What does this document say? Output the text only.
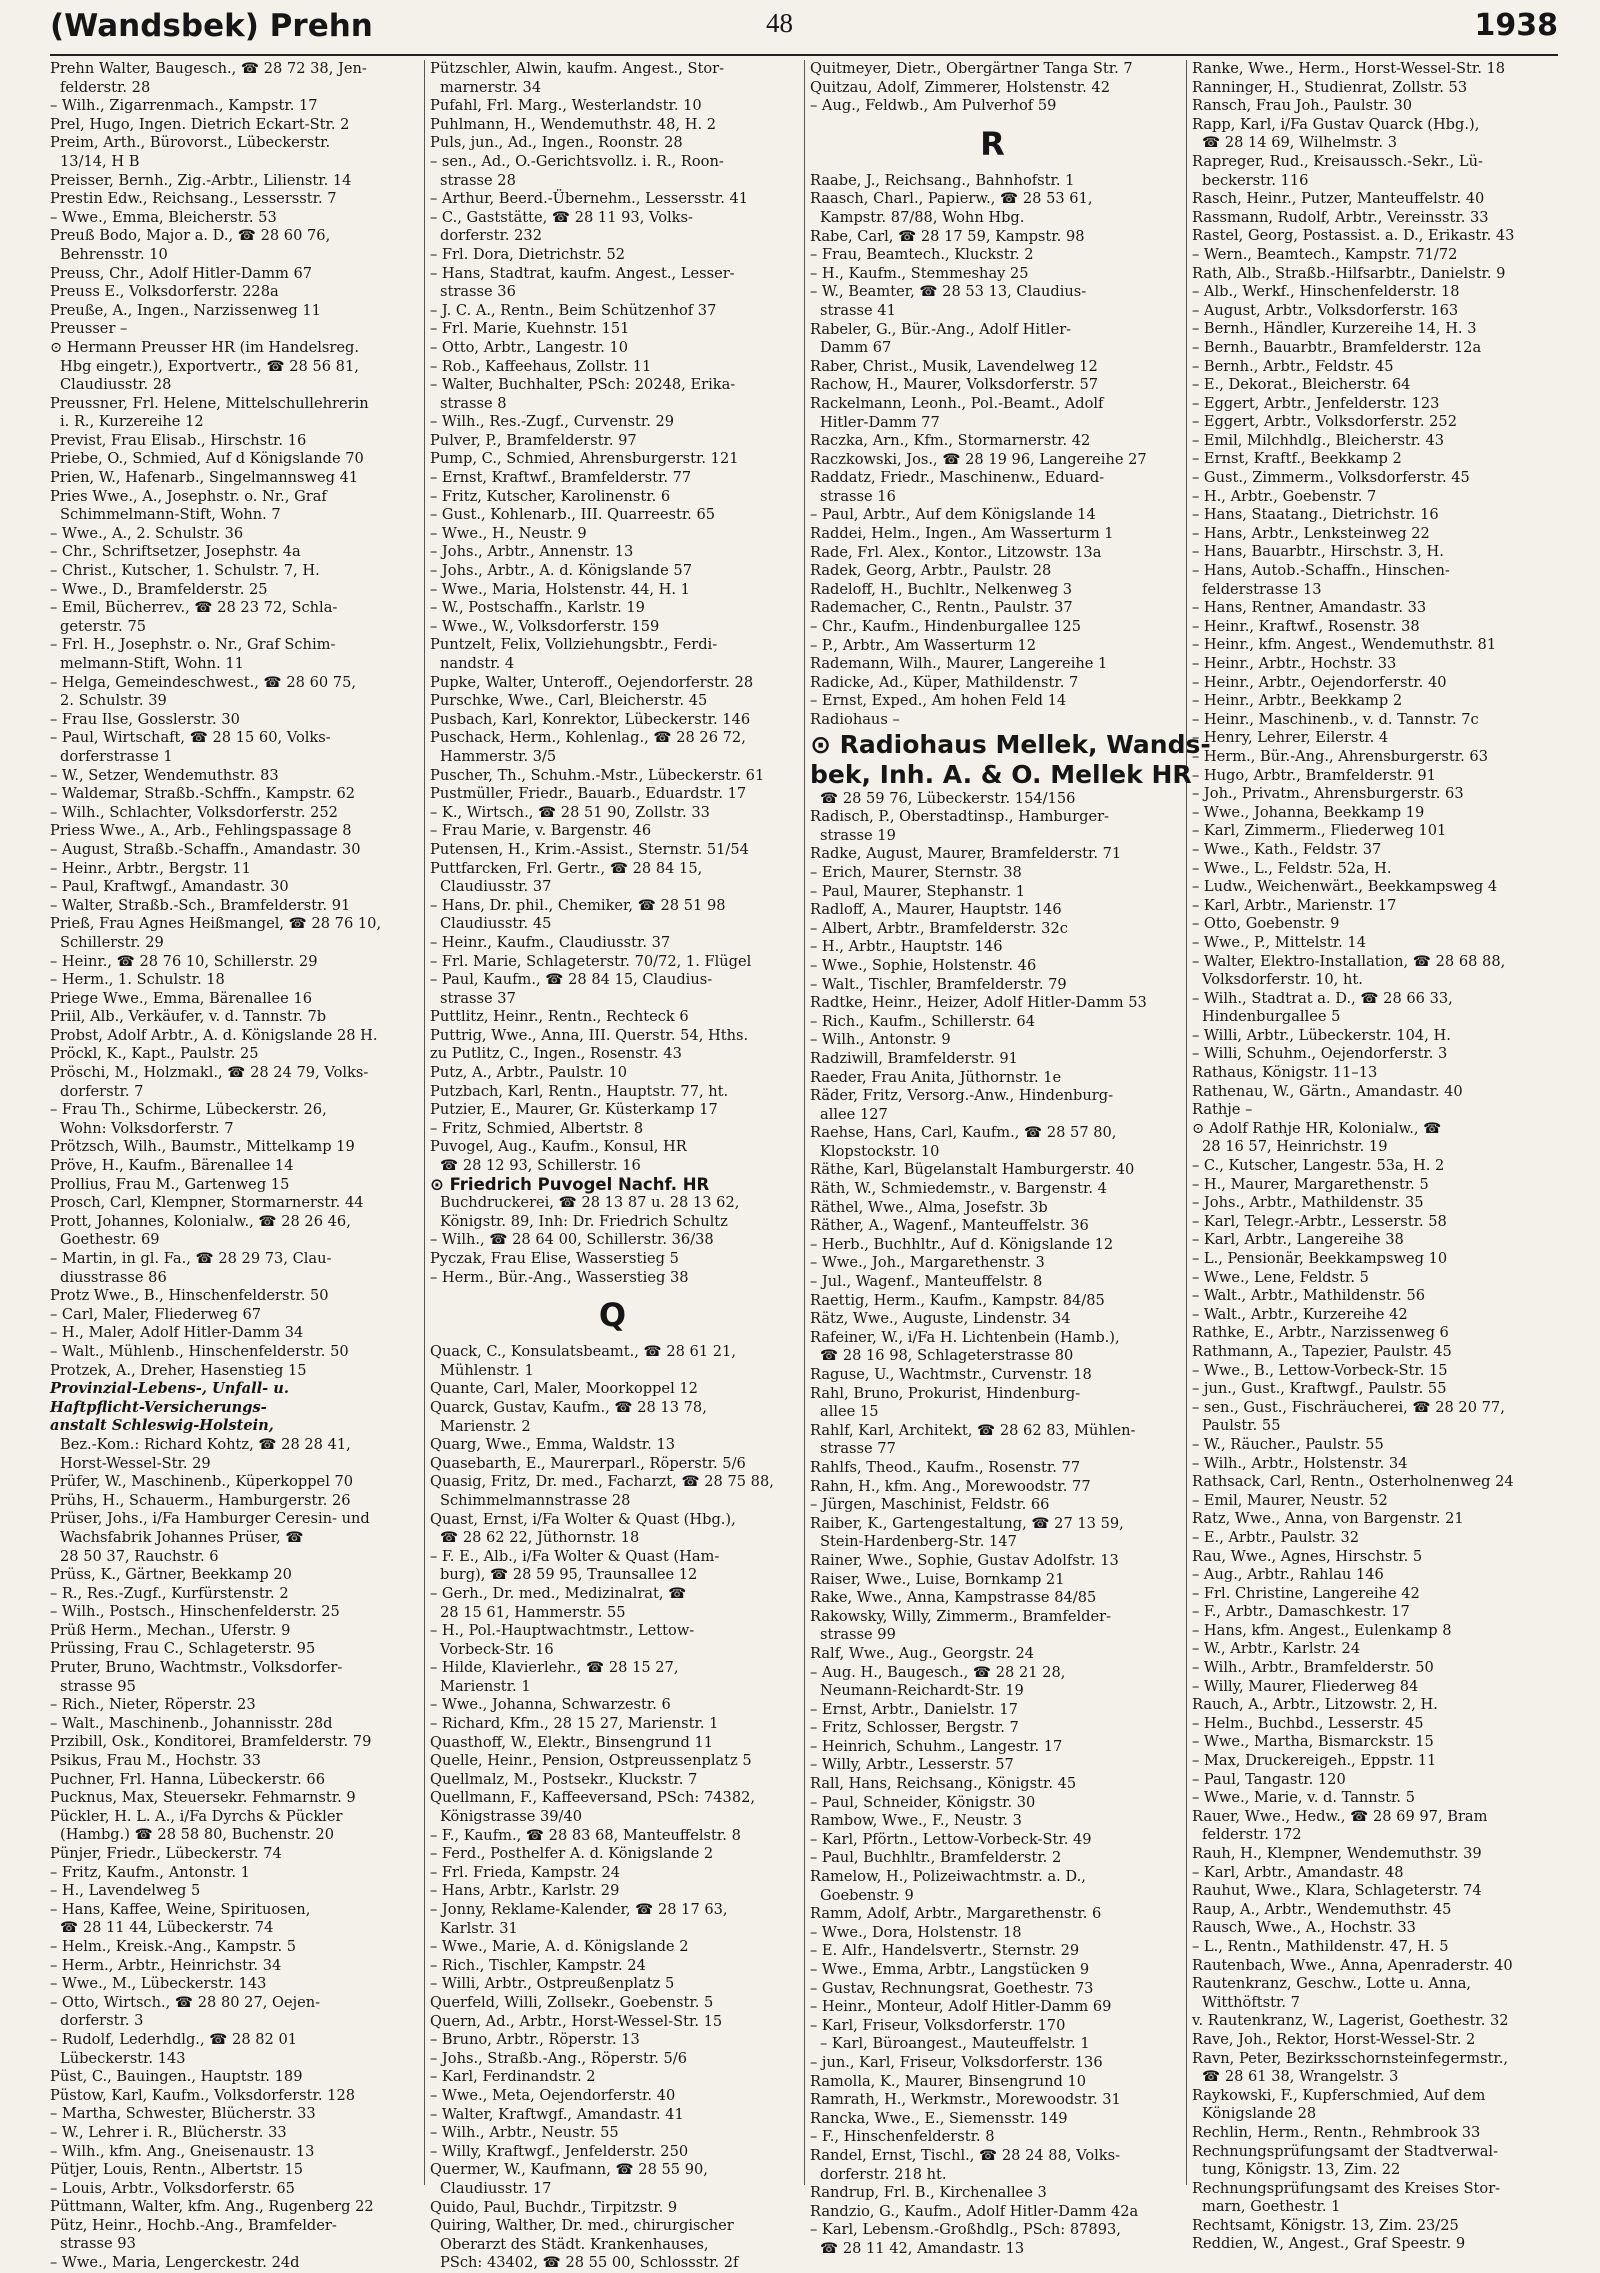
(Wandsbek) Prehn	48	1938
Prehn Walter, Baugesch., ☎ 28 72 38, Jen-
felderstr. 28
– Wilh., Zigarrenmach., Kampstr. 17
Prel, Hugo, Ingen. Dietrich Eckart-Str. 2
Preim, Arth., Bürovorst., Lübeckerstr.
13/14, H B
Preisser, Bernh., Zig.-Arbtr., Lilienstr. 14
Prestin Edw., Reichsang., Lessersstr. 7
– Wwe., Emma, Bleicherstr. 53
Preuß Bodo, Major a. D., ☎ 28 60 76,
Behrensstr. 10
Preuss, Chr., Adolf Hitler-Damm 67
Preuss E., Volksdorferstr. 228a
Preuße, A., Ingen., Narzissenweg 11
Preusser –
⊙ Hermann Preusser HR (im Handelsreg.
Hbg eingetr.), Exportvertr., ☎ 28 56 81,
Claudiusstr. 28
Preussner, Frl. Helene, Mittelschullehrerin
i. R., Kurzereihe 12
Previst, Frau Elisab., Hirschstr. 16
Priebe, O., Schmied, Auf d Königslande 70
Prien, W., Hafenarb., Singelmannsweg 41
Pries Wwe., A., Josephstr. o. Nr., Graf
Schimmelmann-Stift, Wohn. 7
– Wwe., A., 2. Schulstr. 36
– Chr., Schriftsetzer, Josephstr. 4a
– Christ., Kutscher, 1. Schulstr. 7, H.
– Wwe., D., Bramfelderstr. 25
– Emil, Bücherrev., ☎ 28 23 72, Schla-
geterstr. 75
– Frl. H., Josephstr. o. Nr., Graf Schim-
melmann-Stift, Wohn. 11
– Helga, Gemeindeschwest., ☎ 28 60 75,
2. Schulstr. 39
– Frau Ilse, Gosslerstr. 30
– Paul, Wirtschaft, ☎ 28 15 60, Volks-
dorferstrasse 1
– W., Setzer, Wendemuthstr. 83
– Waldemar, Straßb.-Schffn., Kampstr. 62
– Wilh., Schlachter, Volksdorferstr. 252
Priess Wwe., A., Arb., Fehlingspassage 8
– August, Straßb.-Schaffn., Amandastr. 30
– Heinr., Arbtr., Bergstr. 11
– Paul, Kraftwgf., Amandastr. 30
– Walter, Straßb.-Sch., Bramfelderstr. 91
Prieß, Frau Agnes Heißmangel, ☎ 28 76 10,
Schillerstr. 29
– Heinr., ☎ 28 76 10, Schillerstr. 29
– Herm., 1. Schulstr. 18
Priege Wwe., Emma, Bärenallee 16
Priil, Alb., Verkäufer, v. d. Tannstr. 7b
Probst, Adolf Arbtr., A. d. Königslande 28 H.
Pröckl, K., Kapt., Paulstr. 25
Pröschi, M., Holzmakl., ☎ 28 24 79, Volks-
dorferstr. 7
– Frau Th., Schirme, Lübeckerstr. 26,
Wohn: Volksdorferstr. 7
Prötzsch, Wilh., Baumstr., Mittelkamp 19
Pröve, H., Kaufm., Bärenallee 14
Prollius, Frau M., Gartenweg 15
Prosch, Carl, Klempner, Stormarnerstr. 44
Prott, Johannes, Kolonialw., ☎ 28 26 46,
Goethestr. 69
– Martin, in gl. Fa., ☎ 28 29 73, Clau-
diusstrasse 86
Protz Wwe., B., Hinschenfelderstr. 50
– Carl, Maler, Fliederweg 67
– H., Maler, Adolf Hitler-Damm 34
– Walt., Mühlenb., Hinschenfelderstr. 50
Protzek, A., Dreher, Hasenstieg 15
Provinzial-Lebens-, Unfall- u.
Haftpflicht-Versicherungs-
anstalt Schleswig-Holstein,
Bez.-Kom.: Richard Kohtz, ☎ 28 28 41,
Horst-Wessel-Str. 29
Prüfer, W., Maschinenb., Küperkoppel 70
Prühs, H., Schauerm., Hamburgerstr. 26
Prüser, Johs., i/Fa Hamburger Ceresin- und
Wachsfabrik Johannes Prüser, ☎
28 50 37, Rauchstr. 6
Prüss, K., Gärtner, Beekkamp 20
– R., Res.-Zugf., Kurfürstenstr. 2
– Wilh., Postsch., Hinschenfelderstr. 25
Prüß Herm., Mechan., Uferstr. 9
Prüssing, Frau C., Schlageterstr. 95
Pruter, Bruno, Wachtmstr., Volksdorfer-
strasse 95
– Rich., Nieter, Röperstr. 23
– Walt., Maschinenb., Johannisstr. 28d
Przibill, Osk., Konditorei, Bramfelderstr. 79
Psikus, Frau M., Hochstr. 33
Puchner, Frl. Hanna, Lübeckerstr. 66
Pucknus, Max, Steuersekr. Fehmarnstr. 9
Pückler, H. L. A., i/Fa Dyrchs & Pückler
(Hambg.) ☎ 28 58 80, Buchenstr. 20
Pünjer, Friedr., Lübeckerstr. 74
– Fritz, Kaufm., Antonstr. 1
– H., Lavendelweg 5
– Hans, Kaffee, Weine, Spirituosen,
☎ 28 11 44, Lübeckerstr. 74
– Helm., Kreisk.-Ang., Kampstr. 5
– Herm., Arbtr., Heinrichstr. 34
– Wwe., M., Lübeckerstr. 143
– Otto, Wirtsch., ☎ 28 80 27, Oejen-
dorferstr. 3
– Rudolf, Lederhdlg., ☎ 28 82 01
Lübeckerstr. 143
Püst, C., Bauingen., Hauptstr. 189
Püstow, Karl, Kaufm., Volksdorferstr. 128
– Martha, Schwester, Blücherstr. 33
– W., Lehrer i. R., Blücherstr. 33
– Wilh., kfm. Ang., Gneisenaustr. 13
Pütjer, Louis, Rentn., Albertstr. 15
– Louis, Arbtr., Volksdorferstr. 65
Püttmann, Walter, kfm. Ang., Rugenberg 22
Pütz, Heinr., Hochb.-Ang., Bramfelder-
strasse 93
– Wwe., Maria, Lengerckestr. 24d
Pützschler, Alwin, kaufm. Angest., Stor-
marnerstr. 34
Pufahl, Frl. Marg., Westerlandstr. 10
Puhlmann, H., Wendemuthstr. 48, H. 2
Puls, jun., Ad., Ingen., Roonstr. 28
– sen., Ad., O.-Gerichtsvollz. i. R., Roon-
strasse 28
– Arthur, Beerd.-Übernehm., Lessersstr. 41
– C., Gaststätte, ☎ 28 11 93, Volks-
dorferstr. 232
– Frl. Dora, Dietrichstr. 52
– Hans, Stadtrat, kaufm. Angest., Lesser-
strasse 36
– J. C. A., Rentn., Beim Schützenhof 37
– Frl. Marie, Kuehnstr. 151
– Otto, Arbtr., Langestr. 10
– Rob., Kaffeehaus, Zollstr. 11
– Walter, Buchhalter, PSch: 20248, Erika-
strasse 8
– Wilh., Res.-Zugf., Curvenstr. 29
Pulver, P., Bramfelderstr. 97
Pump, C., Schmied, Ahrensburgerstr. 121
– Ernst, Kraftwf., Bramfelderstr. 77
– Fritz, Kutscher, Karolinenstr. 6
– Gust., Kohlenarb., III. Quarreestr. 65
– Wwe., H., Neustr. 9
– Johs., Arbtr., Annenstr. 13
– Johs., Arbtr., A. d. Königslande 57
– Wwe., Maria, Holstenstr. 44, H. 1
– W., Postschaffn., Karlstr. 19
– Wwe., W., Volksdorferstr. 159
Puntzelt, Felix, Vollziehungsbtr., Ferdi-
nandstr. 4
Pupke, Walter, Unteroff., Oejendorferstr. 28
Purschke, Wwe., Carl, Bleicherstr. 45
Pusbach, Karl, Konrektor, Lübeckerstr. 146
Puschack, Herm., Kohlenlag., ☎ 28 26 72,
Hammerstr. 3/5
Puscher, Th., Schuhm.-Mstr., Lübeckerstr. 61
Pustmüller, Friedr., Bauarb., Eduardstr. 17
– K., Wirtsch., ☎ 28 51 90, Zollstr. 33
– Frau Marie, v. Bargenstr. 46
Putensen, H., Krim.-Assist., Sternstr. 51/54
Puttfarcken, Frl. Gertr., ☎ 28 84 15,
Claudiusstr. 37
– Hans, Dr. phil., Chemiker, ☎ 28 51 98
Claudiusstr. 45
– Heinr., Kaufm., Claudiusstr. 37
– Frl. Marie, Schlageterstr. 70/72, 1. Flügel
– Paul, Kaufm., ☎ 28 84 15, Claudius-
strasse 37
Puttlitz, Heinr., Rentn., Rechteck 6
Puttrig, Wwe., Anna, III. Querstr. 54, Hths.
zu Putlitz, C., Ingen., Rosenstr. 43
Putz, A., Arbtr., Paulstr. 10
Putzbach, Karl, Rentn., Hauptstr. 77, ht.
Putzier, E., Maurer, Gr. Küsterkamp 17
– Fritz, Schmied, Albertstr. 8
Puvogel, Aug., Kaufm., Konsul, HR
☎ 28 12 93, Schillerstr. 16
⊙ Friedrich Puvogel Nachf. HR
Buchdruckerei, ☎ 28 13 87 u. 28 13 62,
Königstr. 89, Inh: Dr. Friedrich Schultz
– Wilh., ☎ 28 64 00, Schillerstr. 36/38
Pyczak, Frau Elise, Wasserstieg 5
– Herm., Bür.-Ang., Wasserstieg 38
Q
Quack, C., Konsulatsbeamt., ☎ 28 61 21,
Mühlenstr. 1
Quante, Carl, Maler, Moorkoppel 12
Quarck, Gustav, Kaufm., ☎ 28 13 78,
Marienstr. 2
Quarg, Wwe., Emma, Waldstr. 13
Quasebarth, E., Maurerparl., Röperstr. 5/6
Quasig, Fritz, Dr. med., Facharzt, ☎ 28 75 88,
Schimmelmannstrasse 28
Quast, Ernst, i/Fa Wolter & Quast (Hbg.),
☎ 28 62 22, Jüthornstr. 18
– F. E., Alb., i/Fa Wolter & Quast (Ham-
burg), ☎ 28 59 95, Traunsallee 12
– Gerh., Dr. med., Medizinalrat, ☎
28 15 61, Hammerstr. 55
– H., Pol.-Hauptwachtmstr., Lettow-
Vorbeck-Str. 16
– Hilde, Klavierlehr., ☎ 28 15 27,
Marienstr. 1
– Wwe., Johanna, Schwarzestr. 6
– Richard, Kfm., 28 15 27, Marienstr. 1
Quasthoff, W., Elektr., Binsengrund 11
Quelle, Heinr., Pension, Ostpreussenplatz 5
Quellmalz, M., Postsekr., Kluckstr. 7
Quellmann, F., Kaffeeversand, PSch: 74382,
Königstrasse 39/40
– F., Kaufm., ☎ 28 83 68, Manteuffelstr. 8
– Ferd., Posthelfer A. d. Königslande 2
– Frl. Frieda, Kampstr. 24
– Hans, Arbtr., Karlstr. 29
– Jonny, Reklame-Kalender, ☎ 28 17 63,
Karlstr. 31
– Wwe., Marie, A. d. Königslande 2
– Rich., Tischler, Kampstr. 24
– Willi, Arbtr., Ostpreußenplatz 5
Querfeld, Willi, Zollsekr., Goebenstr. 5
Quern, Ad., Arbtr., Horst-Wessel-Str. 15
– Bruno, Arbtr., Röperstr. 13
– Johs., Straßb.-Ang., Röperstr. 5/6
– Karl, Ferdinandstr. 2
– Wwe., Meta, Oejendorferstr. 40
– Walter, Kraftwgf., Amandastr. 41
– Wilh., Arbtr., Neustr. 55
– Willy, Kraftwgf., Jenfelderstr. 250
Quermer, W., Kaufmann, ☎ 28 55 90,
Claudiusstr. 17
Quido, Paul, Buchdr., Tirpitzstr. 9
Quiring, Walther, Dr. med., chirurgischer
Oberarzt des Städt. Krankenhauses,
PSch: 43402, ☎ 28 55 00, Schlossstr. 2f
Quitmeyer, Dietr., Obergärtner Tanga Str. 7
Quitzau, Adolf, Zimmerer, Holstenstr. 42
– Aug., Feldwb., Am Pulverhof 59
R
Raabe, J., Reichsang., Bahnhofstr. 1
Raasch, Charl., Papierw., ☎ 28 53 61,
Kampstr. 87/88, Wohn Hbg.
Rabe, Carl, ☎ 28 17 59, Kampstr. 98
– Frau, Beamtech., Kluckstr. 2
– H., Kaufm., Stemmeshay 25
– W., Beamter, ☎ 28 53 13, Claudius-
strasse 41
Rabeler, G., Bür.-Ang., Adolf Hitler-
Damm 67
Raber, Christ., Musik, Lavendelweg 12
Rachow, H., Maurer, Volksdorferstr. 57
Rackelmann, Leonh., Pol.-Beamt., Adolf
Hitler-Damm 77
Raczka, Arn., Kfm., Stormarnerstr. 42
Raczkowski, Jos., ☎ 28 19 96, Langereihe 27
Raddatz, Friedr., Maschinenw., Eduard-
strasse 16
– Paul, Arbtr., Auf dem Königslande 14
Raddei, Helm., Ingen., Am Wasserturm 1
Rade, Frl. Alex., Kontor., Litzowstr. 13a
Radek, Georg, Arbtr., Paulstr. 28
Radeloff, H., Buchltr., Nelkenweg 3
Rademacher, C., Rentn., Paulstr. 37
– Chr., Kaufm., Hindenburgallee 125
– P., Arbtr., Am Wasserturm 12
Rademann, Wilh., Maurer, Langereihe 1
Radicke, Ad., Küper, Mathildenstr. 7
– Ernst, Exped., Am hohen Feld 14
Radiohaus –
⊙ Radiohaus Mellek, Wands-
bek, Inh. A. & O. Mellek HR
☎ 28 59 76, Lübeckerstr. 154/156
Radisch, P., Oberstadtinsp., Hamburger-
strasse 19
Radke, August, Maurer, Bramfelderstr. 71
– Erich, Maurer, Sternstr. 38
– Paul, Maurer, Stephanstr. 1
Radloff, A., Maurer, Hauptstr. 146
– Albert, Arbtr., Bramfelderstr. 32c
– H., Arbtr., Hauptstr. 146
– Wwe., Sophie, Holstenstr. 46
– Walt., Tischler, Bramfelderstr. 79
Radtke, Heinr., Heizer, Adolf Hitler-Damm 53
– Rich., Kaufm., Schillerstr. 64
– Wilh., Antonstr. 9
Radziwill, Bramfelderstr. 91
Raeder, Frau Anita, Jüthornstr. 1e
Räder, Fritz, Versorg.-Anw., Hindenburg-
allee 127
Raehse, Hans, Carl, Kaufm., ☎ 28 57 80,
Klopstockstr. 10
Räthe, Karl, Bügelanstalt Hamburgerstr. 40
Räth, W., Schmiedemstr., v. Bargenstr. 4
Räthel, Wwe., Alma, Josefstr. 3b
Räther, A., Wagenf., Manteuffelstr. 36
– Herb., Buchhltr., Auf d. Königslande 12
– Wwe., Joh., Margarethenstr. 3
– Jul., Wagenf., Manteuffelstr. 8
Raettig, Herm., Kaufm., Kampstr. 84/85
Rätz, Wwe., Auguste, Lindenstr. 34
Rafeiner, W., i/Fa H. Lichtenbein (Hamb.),
☎ 28 16 98, Schlageterstrasse 80
Raguse, U., Wachtmstr., Curvenstr. 18
Rahl, Bruno, Prokurist, Hindenburg-
allee 15
Rahlf, Karl, Architekt, ☎ 28 62 83, Mühlen-
strasse 77
Rahlfs, Theod., Kaufm., Rosenstr. 77
Rahn, H., kfm. Ang., Morewoodstr. 77
– Jürgen, Maschinist, Feldstr. 66
Raiber, K., Gartengestaltung, ☎ 27 13 59,
Stein-Hardenberg-Str. 147
Rainer, Wwe., Sophie, Gustav Adolfstr. 13
Raiser, Wwe., Luise, Bornkamp 21
Rake, Wwe., Anna, Kampstrasse 84/85
Rakowsky, Willy, Zimmerm., Bramfelder-
strasse 99
Ralf, Wwe., Aug., Georgstr. 24
– Aug. H., Baugesch., ☎ 28 21 28,
Neumann-Reichardt-Str. 19
– Ernst, Arbtr., Danielstr. 17
– Fritz, Schlosser, Bergstr. 7
– Heinrich, Schuhm., Langestr. 17
– Willy, Arbtr., Lesserstr. 57
Rall, Hans, Reichsang., Königstr. 45
– Paul, Schneider, Königstr. 30
Rambow, Wwe., F., Neustr. 3
– Karl, Pförtn., Lettow-Vorbeck-Str. 49
– Paul, Buchhltr., Bramfelderstr. 2
Ramelow, H., Polizeiwachtmstr. a. D.,
Goebenstr. 9
Ramm, Adolf, Arbtr., Margarethenstr. 6
– Wwe., Dora, Holstenstr. 18
– E. Alfr., Handelsvertr., Sternstr. 29
– Wwe., Emma, Arbtr., Langstücken 9
– Gustav, Rechnungsrat, Goethestr. 73
– Heinr., Monteur, Adolf Hitler-Damm 69
– Karl, Friseur, Volksdorferstr. 170
– Karl, Büroangest., Mauteuffelstr. 1
– jun., Karl, Friseur, Volksdorferstr. 136
Ramolla, K., Maurer, Binsengrund 10
Ramrath, H., Werkmstr., Morewoodstr. 31
Rancka, Wwe., E., Siemensstr. 149
– F., Hinschenfelderstr. 8
Randel, Ernst, Tischl., ☎ 28 24 88, Volks-
dorferstr. 218 ht.
Randrup, Frl. B., Kirchenallee 3
Randzio, G., Kaufm., Adolf Hitler-Damm 42a
– Karl, Lebensm.-Großhdlg., PSch: 87893,
☎ 28 11 42, Amandastr. 13
Ranke, Wwe., Herm., Horst-Wessel-Str. 18
Ranninger, H., Studienrat, Zollstr. 53
Ransch, Frau Joh., Paulstr. 30
Rapp, Karl, i/Fa Gustav Quarck (Hbg.),
☎ 28 14 69, Wilhelmstr. 3
Rapreger, Rud., Kreisaussch.-Sekr., Lü-
beckerstr. 116
Rasch, Heinr., Putzer, Manteuffelstr. 40
Rassmann, Rudolf, Arbtr., Vereinsstr. 33
Rastel, Georg, Postassist. a. D., Erikastr. 43
– Wern., Beamtech., Kampstr. 71/72
Rath, Alb., Straßb.-Hilfsarbtr., Danielstr. 9
– Alb., Werkf., Hinschenfelderstr. 18
– August, Arbtr., Volksdorferstr. 163
– Bernh., Händler, Kurzereihe 14, H. 3
– Bernh., Bauarbtr., Bramfelderstr. 12a
– Bernh., Arbtr., Feldstr. 45
– E., Dekorat., Bleicherstr. 64
– Eggert, Arbtr., Jenfelderstr. 123
– Eggert, Arbtr., Volksdorferstr. 252
– Emil, Milchhdlg., Bleicherstr. 43
– Ernst, Kraftf., Beekkamp 2
– Gust., Zimmerm., Volksdorferstr. 45
– H., Arbtr., Goebenstr. 7
– Hans, Staatang., Dietrichstr. 16
– Hans, Arbtr., Lenksteinweg 22
– Hans, Bauarbtr., Hirschstr. 3, H.
– Hans, Autob.-Schaffn., Hinschen-
felderstrasse 13
– Hans, Rentner, Amandastr. 33
– Heinr., Kraftwf., Rosenstr. 38
– Heinr., kfm. Angest., Wendemuthstr. 81
– Heinr., Arbtr., Hochstr. 33
– Heinr., Arbtr., Oejendorferstr. 40
– Heinr., Arbtr., Beekkamp 2
– Heinr., Maschinenb., v. d. Tannstr. 7c
– Henry, Lehrer, Eilerstr. 4
– Herm., Bür.-Ang., Ahrensburgerstr. 63
– Hugo, Arbtr., Bramfelderstr. 91
– Joh., Privatm., Ahrensburgerstr. 63
– Wwe., Johanna, Beekkamp 19
– Karl, Zimmerm., Fliederweg 101
– Wwe., Kath., Feldstr. 37
– Wwe., L., Feldstr. 52a, H.
– Ludw., Weichenwärt., Beekkampsweg 4
– Karl, Arbtr., Marienstr. 17
– Otto, Goebenstr. 9
– Wwe., P., Mittelstr. 14
– Walter, Elektro-Installation, ☎ 28 68 88,
Volksdorferstr. 10, ht.
– Wilh., Stadtrat a. D., ☎ 28 66 33,
Hindenburgallee 5
– Willi, Arbtr., Lübeckerstr. 104, H.
– Willi, Schuhm., Oejendorferstr. 3
Rathaus, Königstr. 11–13
Rathenau, W., Gärtn., Amandastr. 40
Rathje –
⊙ Adolf Rathje HR, Kolonialw., ☎
28 16 57, Heinrichstr. 19
– C., Kutscher, Langestr. 53a, H. 2
– H., Maurer, Margarethenstr. 5
– Johs., Arbtr., Mathildenstr. 35
– Karl, Telegr.-Arbtr., Lesserstr. 58
– Karl, Arbtr., Langereihe 38
– L., Pensionär, Beekkampsweg 10
– Wwe., Lene, Feldstr. 5
– Walt., Arbtr., Mathildenstr. 56
– Walt., Arbtr., Kurzereihe 42
Rathke, E., Arbtr., Narzissenweg 6
Rathmann, A., Tapezier, Paulstr. 45
– Wwe., B., Lettow-Vorbeck-Str. 15
– jun., Gust., Kraftwgf., Paulstr. 55
– sen., Gust., Fischräucherei, ☎ 28 20 77,
Paulstr. 55
– W., Räucher., Paulstr. 55
– Wilh., Arbtr., Holstenstr. 34
Rathsack, Carl, Rentn., Osterholnenweg 24
– Emil, Maurer, Neustr. 52
Ratz, Wwe., Anna, von Bargenstr. 21
– E., Arbtr., Paulstr. 32
Rau, Wwe., Agnes, Hirschstr. 5
– Aug., Arbtr., Rahlau 146
– Frl. Christine, Langereihe 42
– F., Arbtr., Damaschkestr. 17
– Hans, kfm. Angest., Eulenkamp 8
– W., Arbtr., Karlstr. 24
– Wilh., Arbtr., Bramfelderstr. 50
– Willy, Maurer, Fliederweg 84
Rauch, A., Arbtr., Litzowstr. 2, H.
– Helm., Buchbd., Lesserstr. 45
– Wwe., Martha, Bismarckstr. 15
– Max, Druckereigeh., Eppstr. 11
– Paul, Tangastr. 120
– Wwe., Marie, v. d. Tannstr. 5
Rauer, Wwe., Hedw., ☎ 28 69 97, Bram
felderstr. 172
Rauh, H., Klempner, Wendemuthstr. 39
– Karl, Arbtr., Amandastr. 48
Rauhut, Wwe., Klara, Schlageterstr. 74
Raup, A., Arbtr., Wendemuthstr. 45
Rausch, Wwe., A., Hochstr. 33
– L., Rentn., Mathildenstr. 47, H. 5
Rautenbach, Wwe., Anna, Apenraderstr. 40
Rautenkranz, Geschw., Lotte u. Anna,
Witthöftstr. 7
v. Rautenkranz, W., Lagerist, Goethestr. 32
Rave, Joh., Rektor, Horst-Wessel-Str. 2
Ravn, Peter, Bezirksschornsteinfegermstr.,
☎ 28 61 38, Wrangelstr. 3
Raykowski, F., Kupferschmied, Auf dem
Königslande 28
Rechlin, Herm., Rentn., Rehmbrook 33
Rechnungsprüfungsamt der Stadtverwal-
tung, Königstr. 13, Zim. 22
Rechnungsprüfungsamt des Kreises Stor-
marn, Goethestr. 1
Rechtsamt, Königstr. 13, Zim. 23/25
Reddien, W., Angest., Graf Speestr. 9
